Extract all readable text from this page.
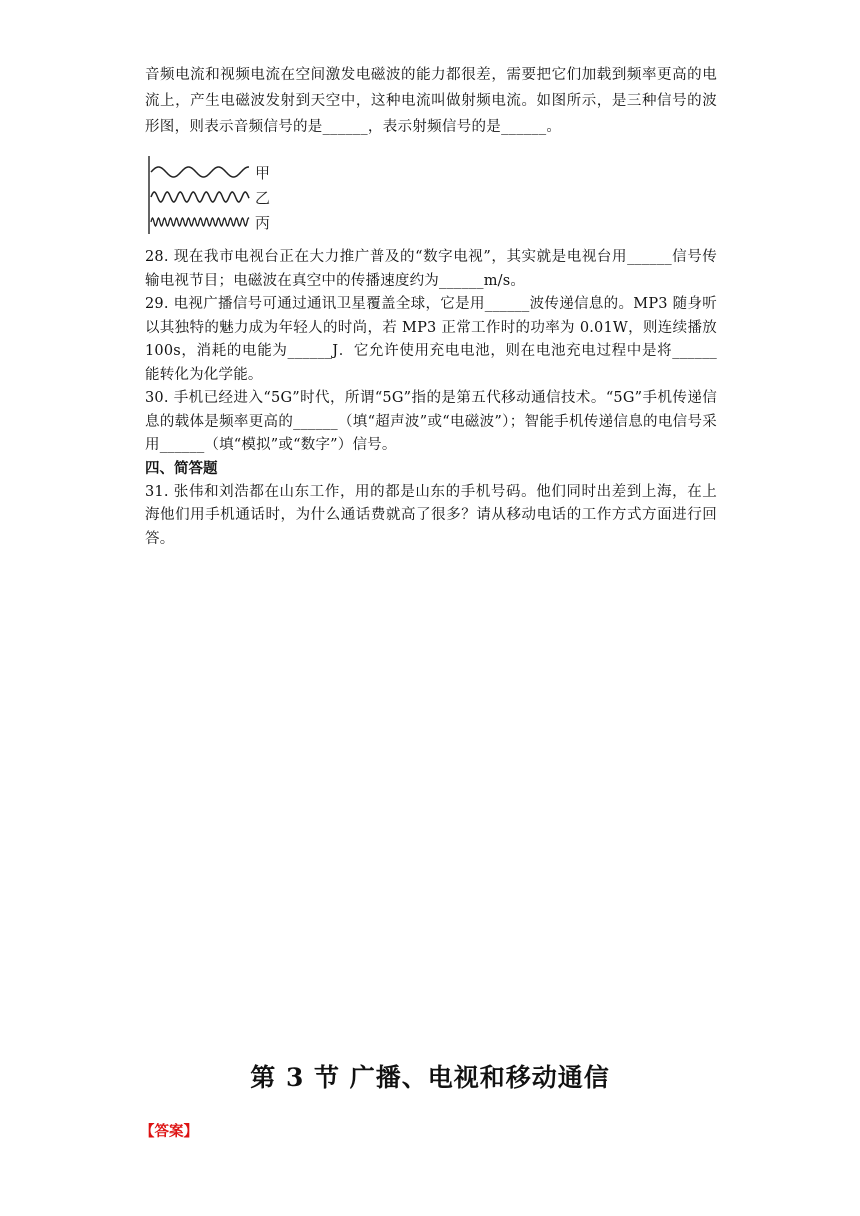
音频电流和视频电流在空间激发电磁波的能力都很差，需要把它们加载到频率更高的电流上，产生电磁波发射到天空中，这种电流叫做射频电流。如图所示，是三种信号的波形图，则表示音频信号的是______，表示射频信号的是______。

甲
乙
丙

28. 现在我市电视台正在大力推广普及的“数字电视”，其实就是电视台用______信号传输电视节目；电磁波在真空中的传播速度约为______m/s。

29. 电视广播信号可通过通讯卫星覆盖全球，它是用______波传递信息的。MP3 随身听以其独特的魅力成为年轻人的时尚，若 MP3 正常工作时的功率为 0.01W，则连续播放100s，消耗的电能为______J．它允许使用充电电池，则在电池充电过程中是将______能转化为化学能。

30. 手机已经进入“5G”时代，所谓“5G”指的是第五代移动通信技术。“5G”手机传递信息的载体是频率更高的______（填“超声波”或“电磁波”）；智能手机传递信息的电信号采用______（填“模拟”或“数字”）信号。

四、简答题

31. 张伟和刘浩都在山东工作，用的都是山东的手机号码。他们同时出差到上海，在上海他们用手机通话时，为什么通话费就高了很多？请从移动电话的工作方式方面进行回答。

第 3 节 广播、电视和移动通信
【答案】
